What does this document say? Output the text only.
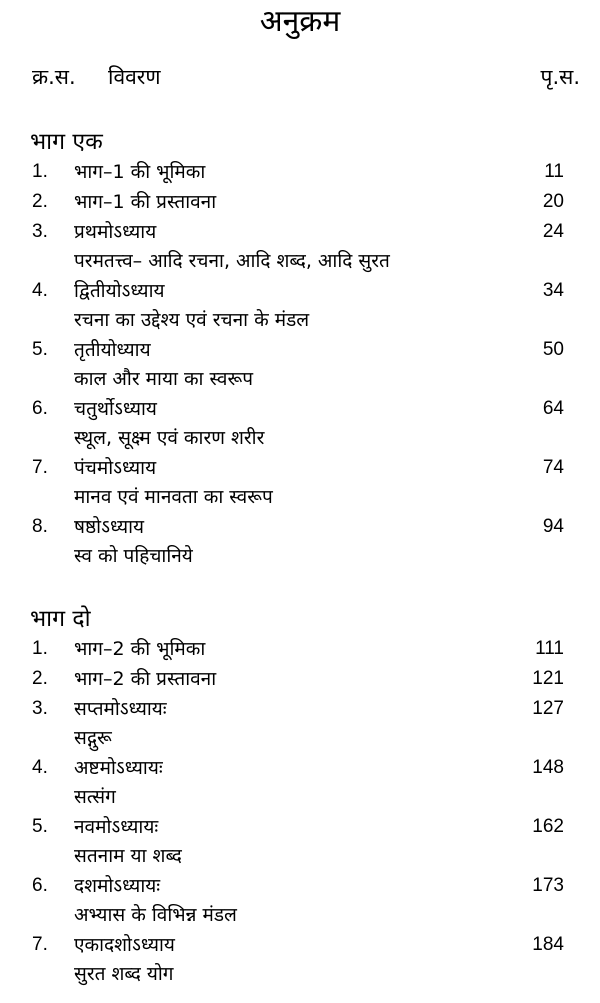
अनुक्रम
क्र.स. विवरण	पृ.स.
भाग एक
1. भाग–1 की भूमिका	11
2. भाग–1 की प्रस्तावना	20
3. प्रथमोऽध्याय	24
परमतत्त्व– आदि रचना, आदि शब्द, आदि सुरत
4. द्वितीयोऽध्याय	34
रचना का उद्देश्य एवं रचना के मंडल
5. तृतीयोध्याय	50
काल और माया का स्वरूप
6. चतुर्थोऽध्याय	64
स्थूल, सूक्ष्म एवं कारण शरीर
7. पंचमोऽध्याय	74
मानव एवं मानवता का स्वरूप
8. षष्ठोऽध्याय	94
स्व को पहिचानिये
भाग दो
1. भाग–2 की भूमिका	111
2. भाग–2 की प्रस्तावना	121
3. सप्तमोऽध्यायः	127
सद्गुरू
4. अष्टमोऽध्यायः	148
सत्संग
5. नवमोऽध्यायः	162
सतनाम या शब्द
6. दशमोऽध्यायः	173
अभ्यास के विभिन्न मंडल
7. एकादशोऽध्याय	184
सुरत शब्द योग
